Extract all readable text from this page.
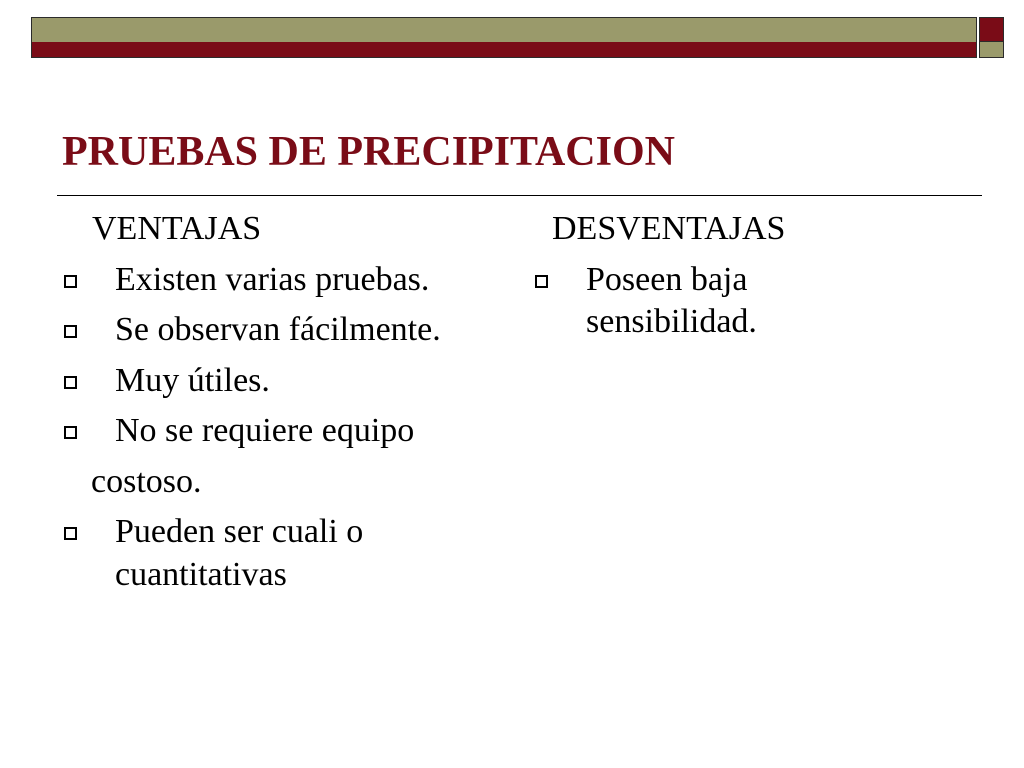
PRUEBAS DE PRECIPITACION

VENTAJAS

Existen varias pruebas.
Se observan fácilmente.
Muy útiles.
No se requiere equipo

costoso.

Pueden ser cuali o cuantitativas

DESVENTAJAS

Poseen baja sensibilidad.
